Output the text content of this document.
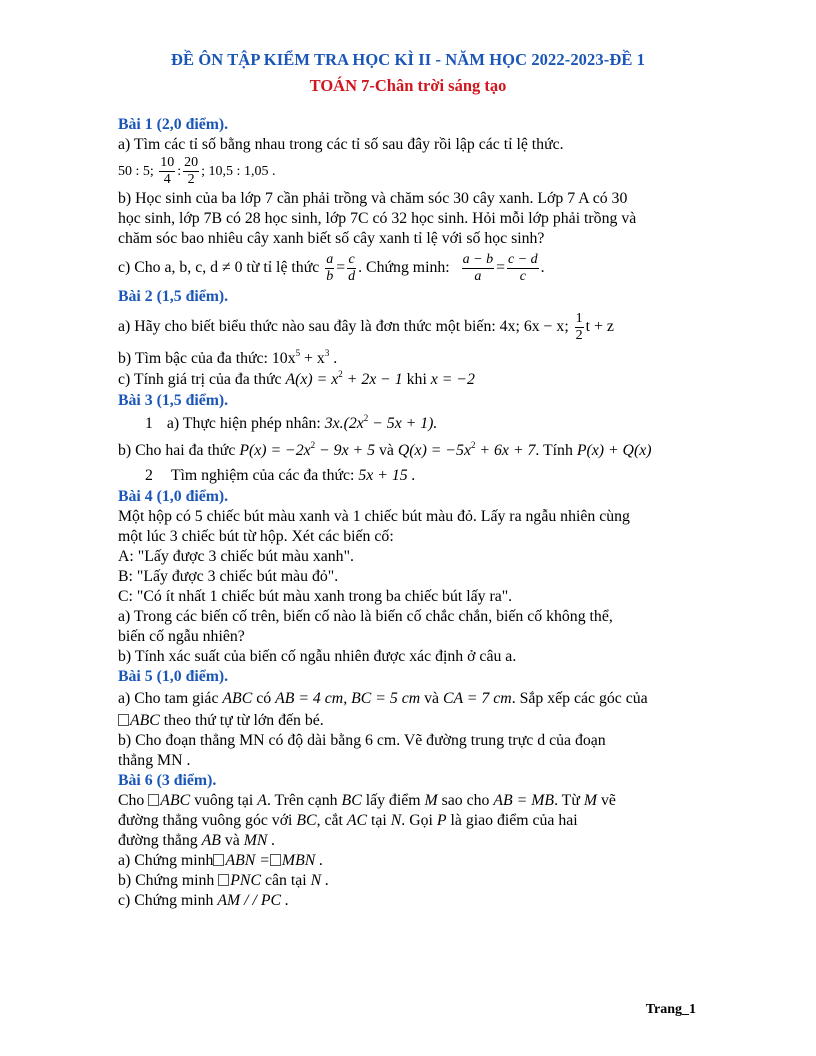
ĐỀ ÔN TẬP KIỂM TRA HỌC KÌ II - NĂM HỌC 2022-2023-ĐỀ 1
TOÁN 7-Chân trời sáng tạo
Bài 1 (2,0 điểm).
a) Tìm các tỉ số bằng nhau trong các tỉ số sau đây rồi lập các tỉ lệ thức.
50 : 5; $\frac{10}{4}$ : $\frac{20}{2}$ ; 10,5 : 1,05 .
b) Học sinh của ba lớp 7 cần phải trồng và chăm sóc 30 cây xanh. Lớp 7 A có 30
học sinh, lớp 7B có 28 học sinh, lớp 7C có 32 học sinh. Hỏi mỗi lớp phải trồng và
chăm sóc bao nhiêu cây xanh biết số cây xanh tỉ lệ với số học sinh?
c) Cho a, b, c, d ≠ 0 từ tỉ lệ thức $\frac{a}{b} = \frac{c}{d}$ . Chứng minh: $\frac{a - b}{a} = \frac{c - d}{c}$ .
Bài 2 (1,5 điểm).
a) Hãy cho biết biểu thức nào sau đây là đơn thức một biến: 4x; 6x − x; $\frac{1}{2}$ t + z
b) Tìm bậc của đa thức: $10x^5 + x^3$ .
c) Tính giá trị của đa thức $A(x) = x^2 + 2x - 1$ khi x = −2
Bài 3 (1,5 điểm).
1 a) Thực hiện phép nhân: $3x.(2x^2 - 5x + 1)$.
b) Cho hai đa thức $P(x) = -2x^2 - 9x + 5$ và $Q(x) = -5x^2 + 6x + 7$. Tính P(x) + Q(x)
2 Tìm nghiệm của các đa thức: 5x + 15 .
Bài 4 (1,0 điểm).
Một hộp có 5 chiếc bút màu xanh và 1 chiếc bút màu đỏ. Lấy ra ngẫu nhiên cùng
một lúc 3 chiếc bút từ hộp. Xét các biến cố:
A: "Lấy được 3 chiếc bút màu xanh".
B: "Lấy được 3 chiếc bút màu đỏ".
C: "Có ít nhất 1 chiếc bút màu xanh trong ba chiếc bút lấy ra".
a) Trong các biến cố trên, biến cố nào là biến cố chắc chắn, biến cố không thể,
biến cố ngẫu nhiên?
b) Tính xác suất của biến cố ngẫu nhiên được xác định ở câu a.
Bài 5 (1,0 điểm).
a) Cho tam giác ABC có AB = 4 cm, BC = 5 cm và CA = 7 cm. Sắp xếp các góc của
ABC theo thứ tự từ lớn đến bé.
b) Cho đoạn thẳng MN có độ dài bằng 6 cm. Vẽ đường trung trực d của đoạn
thẳng MN .
Bài 6 (3 điểm).
Cho ABC vuông tại A. Trên cạnh BC lấy điểm M sao cho AB = MB. Từ M vẽ
đường thẳng vuông góc với BC, cắt AC tại N. Gọi P là giao điểm của hai
đường thẳng AB và MN .
a) Chứng minh ABN = MBN .
b) Chứng minh PNC cân tại N .
c) Chứng minh AM / / PC .
Trang_1
